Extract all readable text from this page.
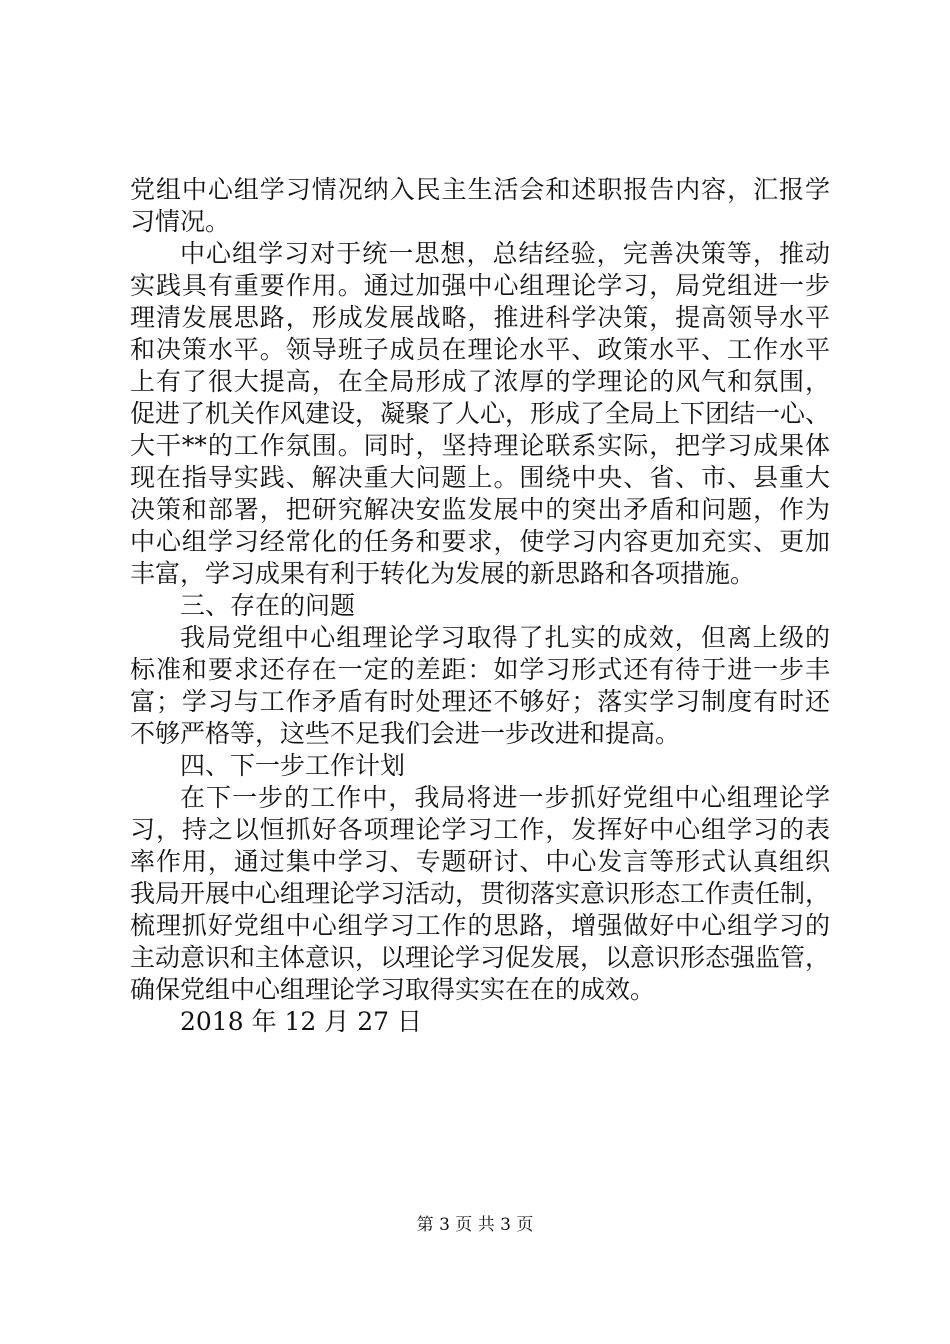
党组中心组学习情况纳入民主生活会和述职报告内容，汇报学
习情况。
中心组学习对于统一思想，总结经验，完善决策等，推动
实践具有重要作用。通过加强中心组理论学习，局党组进一步
理清发展思路，形成发展战略，推进科学决策，提高领导水平
和决策水平。领导班子成员在理论水平、政策水平、工作水平
上有了很大提高，在全局形成了浓厚的学理论的风气和氛围，
促进了机关作风建设，凝聚了人心，形成了全局上下团结一心、
大干**的工作氛围。同时，坚持理论联系实际，把学习成果体
现在指导实践、解决重大问题上。围绕中央、省、市、县重大
决策和部署，把研究解决安监发展中的突出矛盾和问题，作为
中心组学习经常化的任务和要求，使学习内容更加充实、更加
丰富，学习成果有利于转化为发展的新思路和各项措施。
三、存在的问题
我局党组中心组理论学习取得了扎实的成效，但离上级的
标准和要求还存在一定的差距：如学习形式还有待于进一步丰
富；学习与工作矛盾有时处理还不够好；落实学习制度有时还
不够严格等，这些不足我们会进一步改进和提高。
四、下一步工作计划
在下一步的工作中，我局将进一步抓好党组中心组理论学
习，持之以恒抓好各项理论学习工作，发挥好中心组学习的表
率作用，通过集中学习、专题研讨、中心发言等形式认真组织
我局开展中心组理论学习活动，贯彻落实意识形态工作责任制，
梳理抓好党组中心组学习工作的思路，增强做好中心组学习的
主动意识和主体意识，以理论学习促发展，以意识形态强监管，
确保党组中心组理论学习取得实实在在的成效。
2018 年 12 月 27 日
第 3 页 共 3 页
